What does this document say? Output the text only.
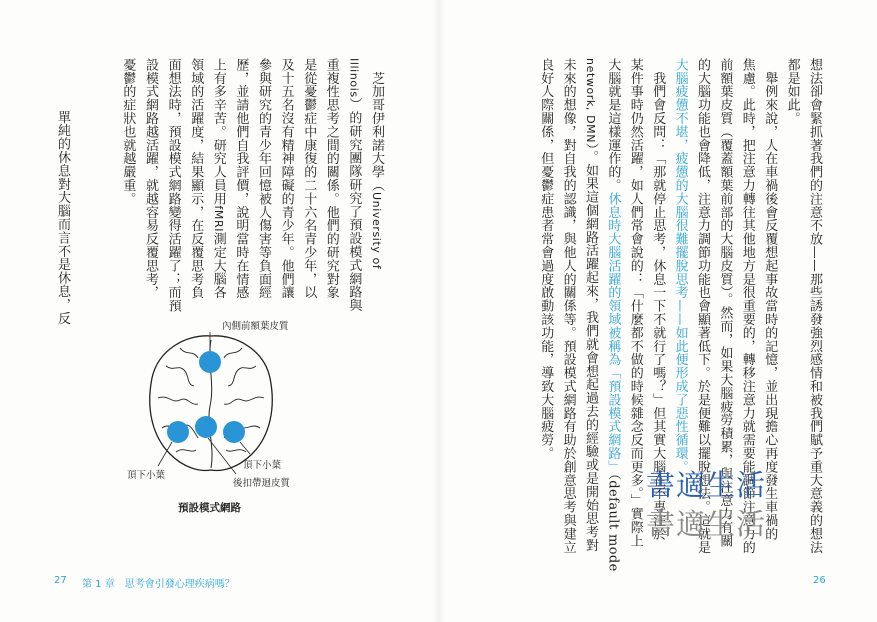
想法卻會緊抓著我們的注意不放——那些誘發強烈感情和被我們賦予重大意義的想法
都是如此。
　舉例來說，人在車禍後會反覆想起事故當時的記憶，並出現擔心再度發生車禍的
焦慮。此時，把注意力轉往其他地方是很重要的，轉移注意力就需要能調節注意力的
前額葉皮質（覆蓋額葉前部的大腦皮質）。然而，如果大腦疲勞積累，與注意力有關
的大腦功能也會降低，注意力調節功能也會顯著低下。於是便難以擺脫想法。這就是
大腦疲憊不堪，疲憊的大腦很難擺脫思考——如此便形成了惡性循環。
　我們會反問：「那就停止思考，休息一下不就行了嗎？」但其實大腦在不專注於
某件事時仍然活躍，如人們常會說的：「什麼都不做的時候雜念反而更多。」實際上
大腦就是這樣運作的。休息時大腦活躍的領域被稱為「預設模式網路」（default mode
network, DMN）。如果這個網路活躍起來，我們就會想起過去的經驗或是開始思考對
未來的想像，對自我的認識，與他人的關係等。預設模式網路有助於創意思考與建立
良好人際關係，但憂鬱症患者常會過度啟動該功能，導致大腦疲勞。
26
　芝加哥伊利諾大學（University of
Illinois）的研究團隊研究了預設模式網路與
重複性思考之間的關係。他們的研究對象
是從憂鬱症中康復的二十六名青少年，以
及十五名沒有精神障礙的青少年。他們讓
參與研究的青少年回憶被人傷害等負面經
歷，並請他們自我評價，說明當時在情感
上有多辛苦。研究人員用fMRI測定大腦各
領域的活躍度，結果顯示，在反覆思考負
面想法時，預設模式網路變得活躍了；而預
設模式網路越活躍，就越容易反覆思考，
憂鬱的症狀也就越嚴重。
　單純的休息對大腦而言不是休息，反
內側前額葉皮質
頂下小葉
頂下小葉
後扣帶迴皮質
預設模式網路
27 第 1 章　思考會引發心理疾病嗎？
書適生活
書適生活
